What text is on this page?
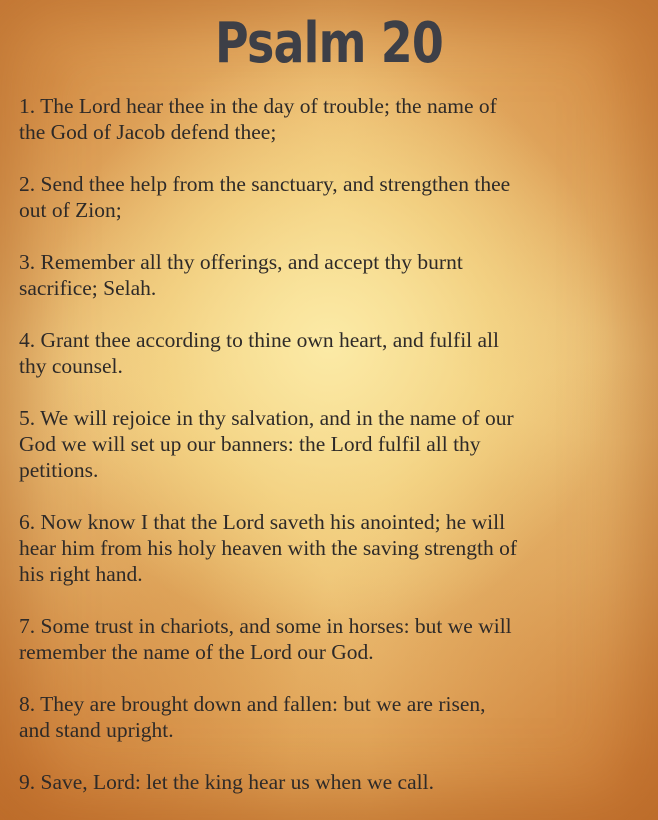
Psalm 20

1. The Lord hear thee in the day of trouble; the name of
the God of Jacob defend thee;

2. Send thee help from the sanctuary, and strengthen thee
out of Zion;

3. Remember all thy offerings, and accept thy burnt
sacrifice; Selah.

4. Grant thee according to thine own heart, and fulfil all
thy counsel.

5. We will rejoice in thy salvation, and in the name of our
God we will set up our banners: the Lord fulfil all thy
petitions.

6. Now know I that the Lord saveth his anointed; he will
hear him from his holy heaven with the saving strength of
his right hand.

7. Some trust in chariots, and some in horses: but we will
remember the name of the Lord our God.

8. They are brought down and fallen: but we are risen,
and stand upright.

9. Save, Lord: let the king hear us when we call.
